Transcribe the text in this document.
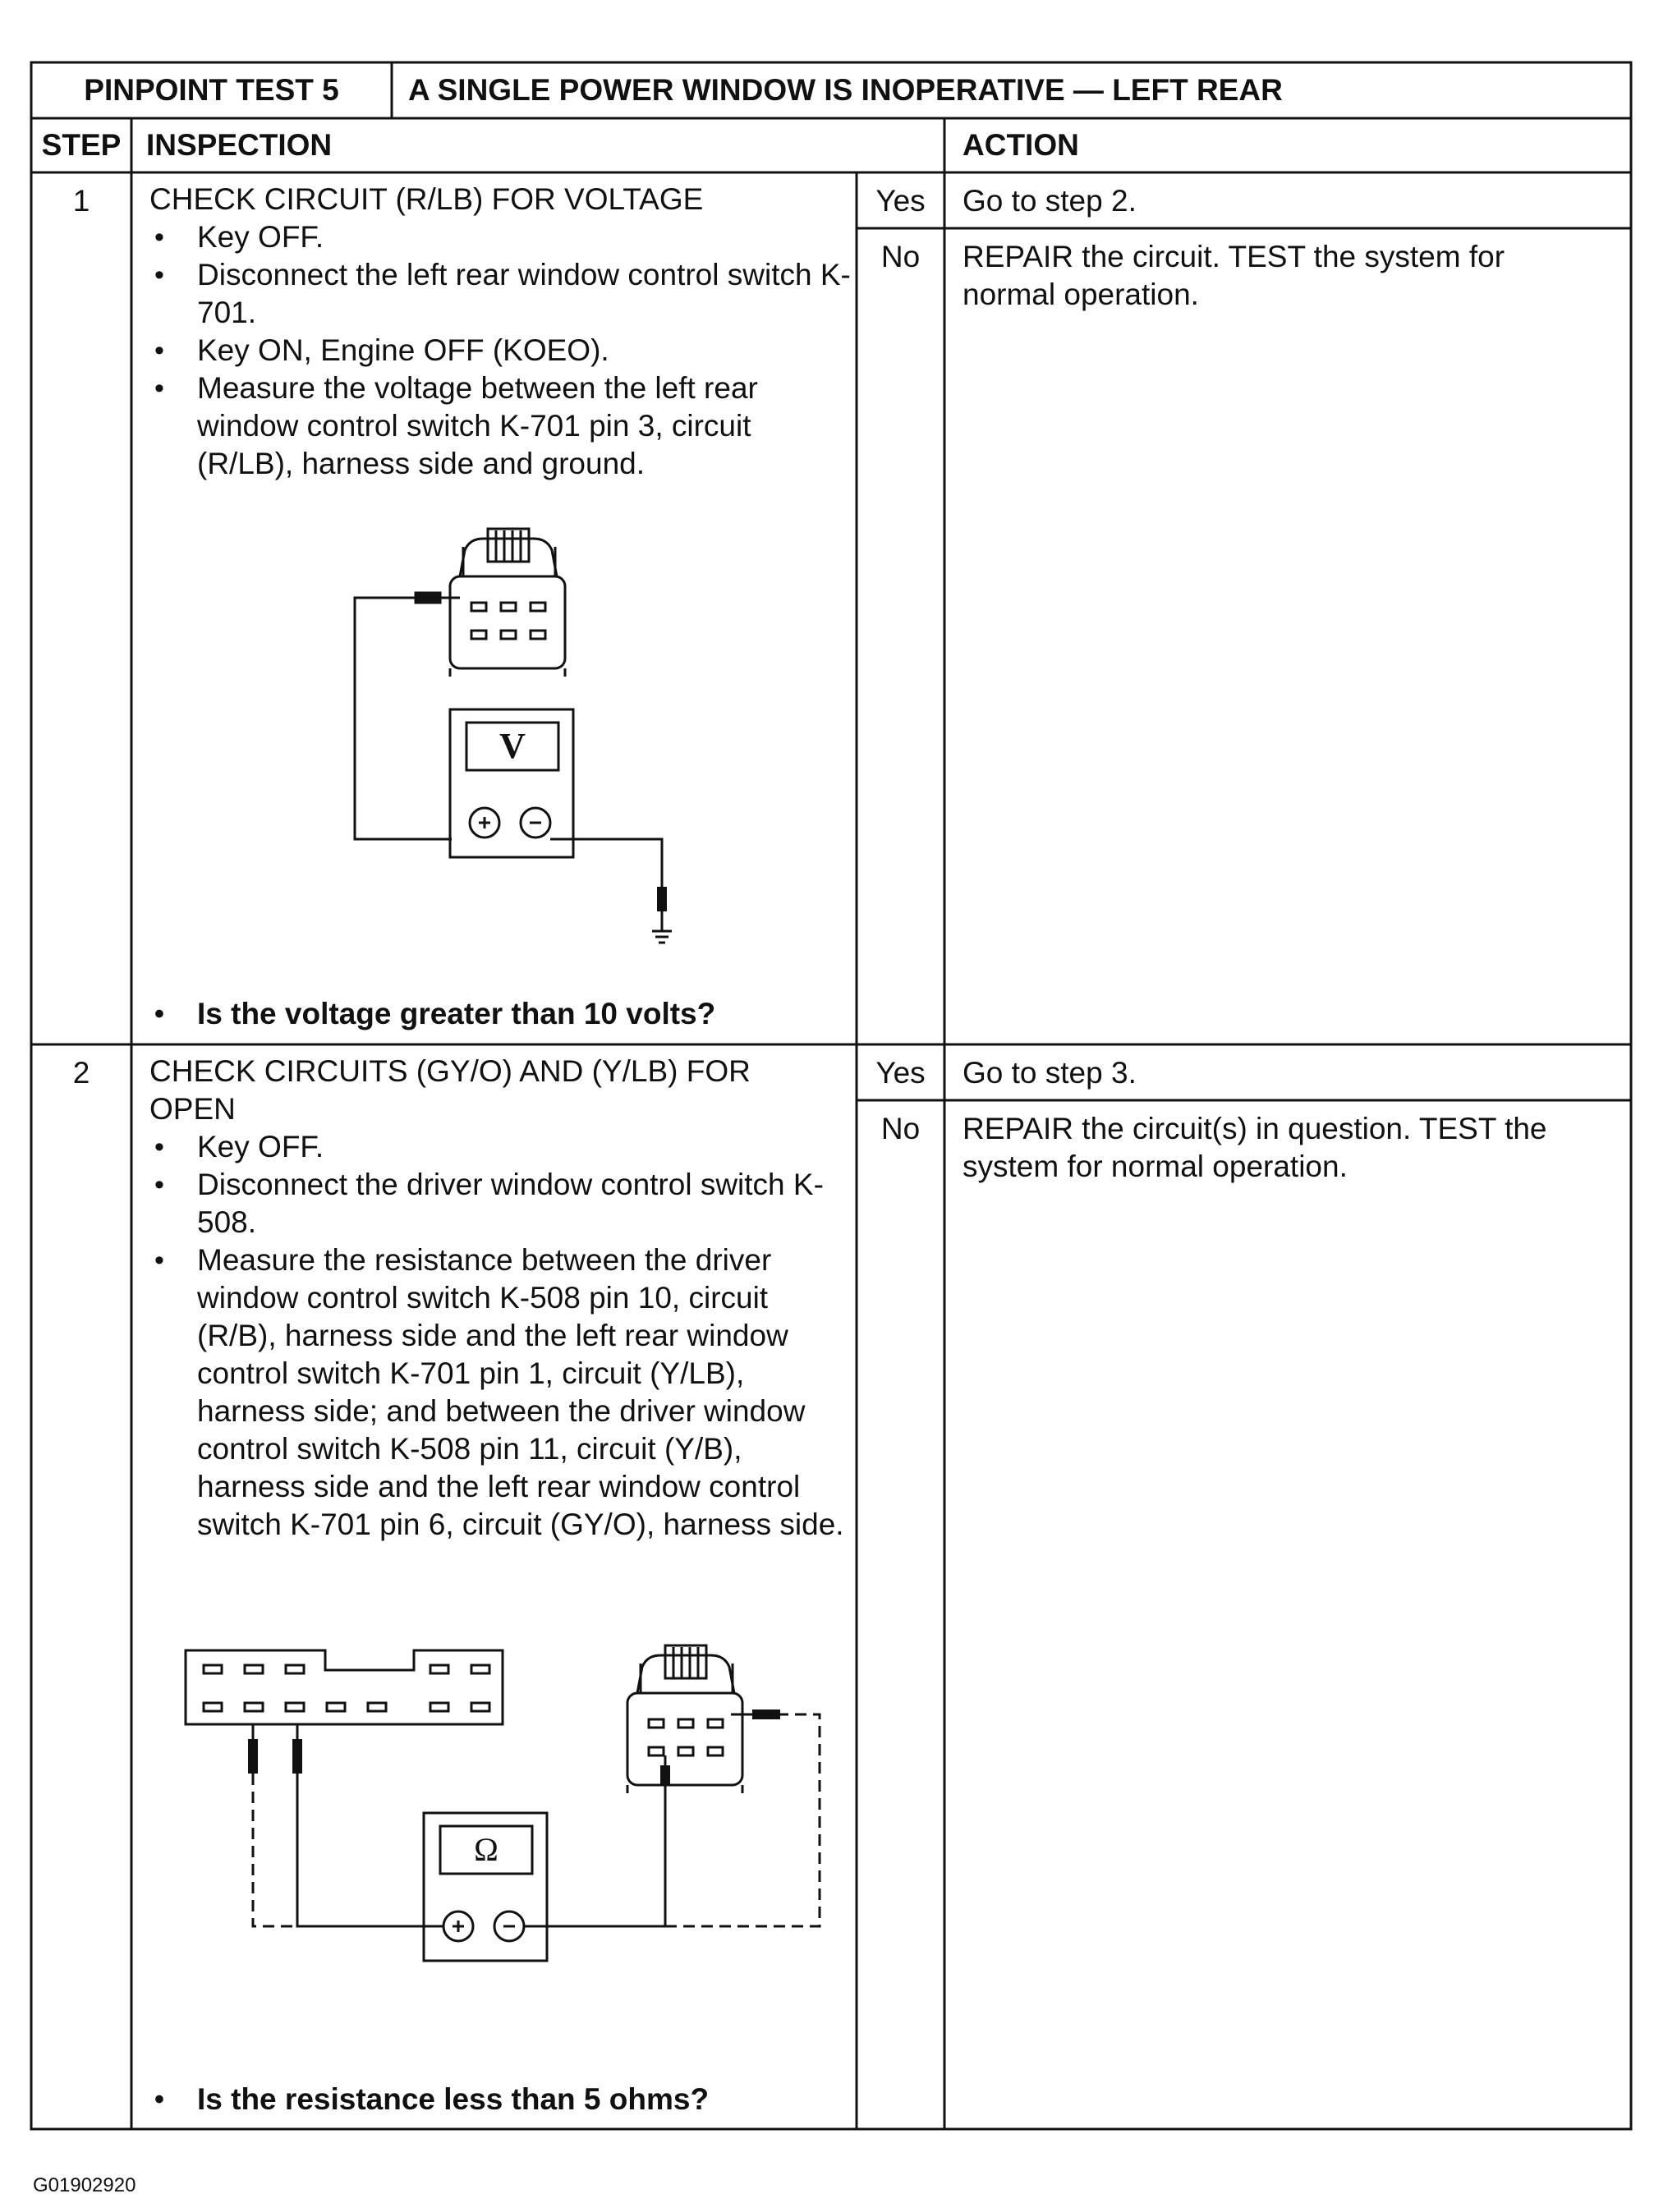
PINPOINT TEST 5	A SINGLE POWER WINDOW IS INOPERATIVE — LEFT REAR
STEP INSPECTION	ACTION
1	CHECK CIRCUIT (R/LB) FOR VOLTAGE
• Key OFF.
• Disconnect the left rear window control switch K-701.
• Key ON, Engine OFF (KOEO).
• Measure the voltage between the left rear window control switch K-701 pin 3, circuit (R/LB), harness side and ground.
V
• Is the voltage greater than 10 volts?
Yes	Go to step 2.
No	REPAIR the circuit. TEST the system for normal operation.
2	CHECK CIRCUITS (GY/O) AND (Y/LB) FOR OPEN
• Key OFF.
• Disconnect the driver window control switch K-508.
• Measure the resistance between the driver window control switch K-508 pin 10, circuit (R/B), harness side and the left rear window control switch K-701 pin 1, circuit (Y/LB), harness side; and between the driver window control switch K-508 pin 11, circuit (Y/B), harness side and the left rear window control switch K-701 pin 6, circuit (GY/O), harness side.
Ω
• Is the resistance less than 5 ohms?
Yes	Go to step 3.
No	REPAIR the circuit(s) in question. TEST the system for normal operation.
G01902920
